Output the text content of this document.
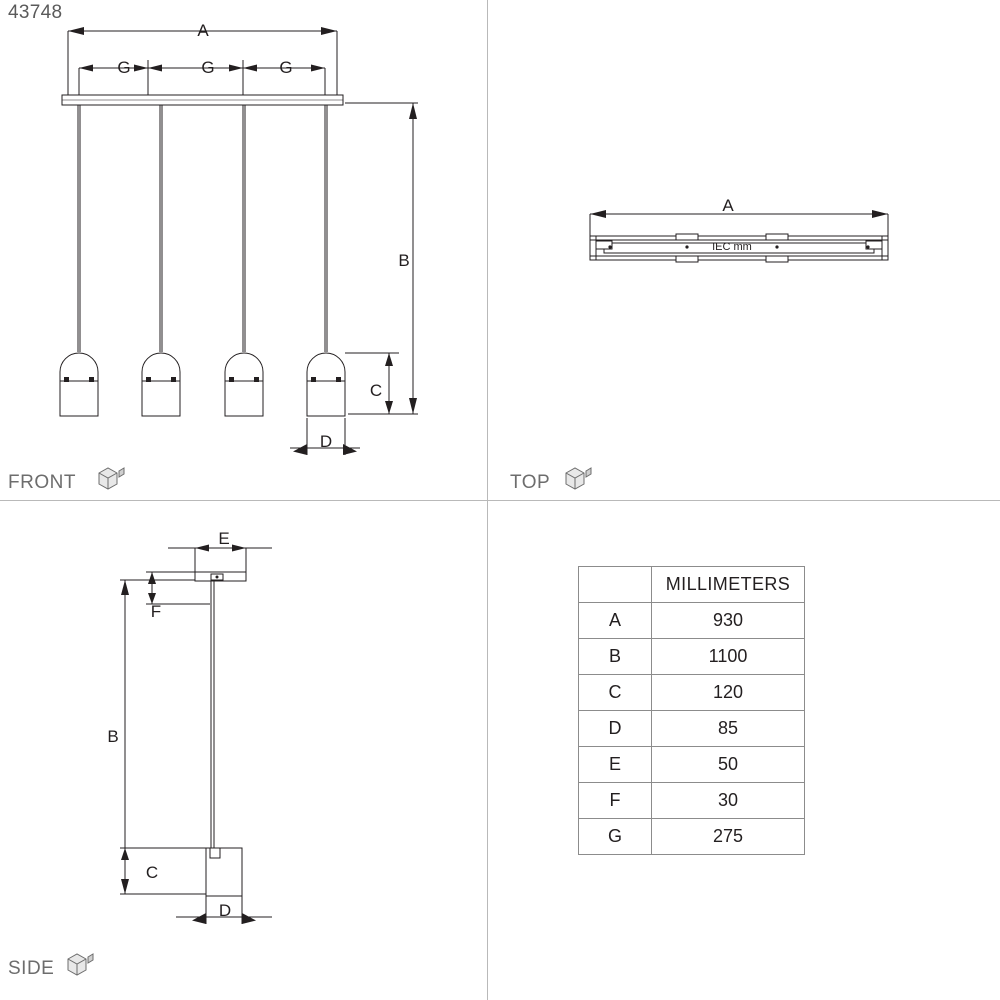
43748
A
G	G	G
B
C
D
FRONT
IEC mm
A
TOP
E
F
B
C
D
SIDE
	MILLIMETERS
A	930
B	1100
C	120
D	85
E	50
F	30
G	275
